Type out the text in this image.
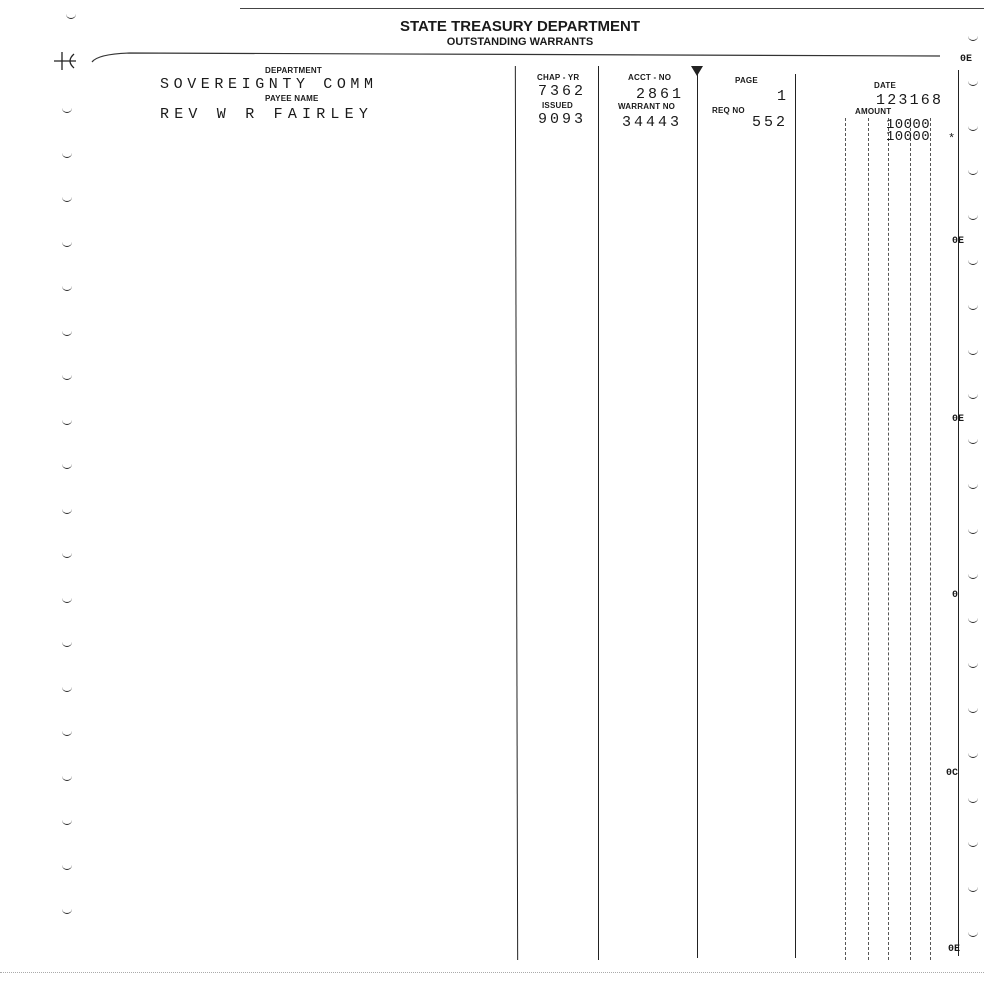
STATE TREASURY DEPARTMENT
OUTSTANDING WARRANTS
DEPARTMENT
PAYEE NAME
CHAP - YR
ISSUED
ACCT - NO
WARRANT NO
PAGE
REQ NO
DATE
AMOUNT
SOVEREIGNTY COMM
REV W R FAIRLEY
7362
9093
2861
34443
1
552
123168
10000
10000 *
0E
0E
0E
0
0C
0E
